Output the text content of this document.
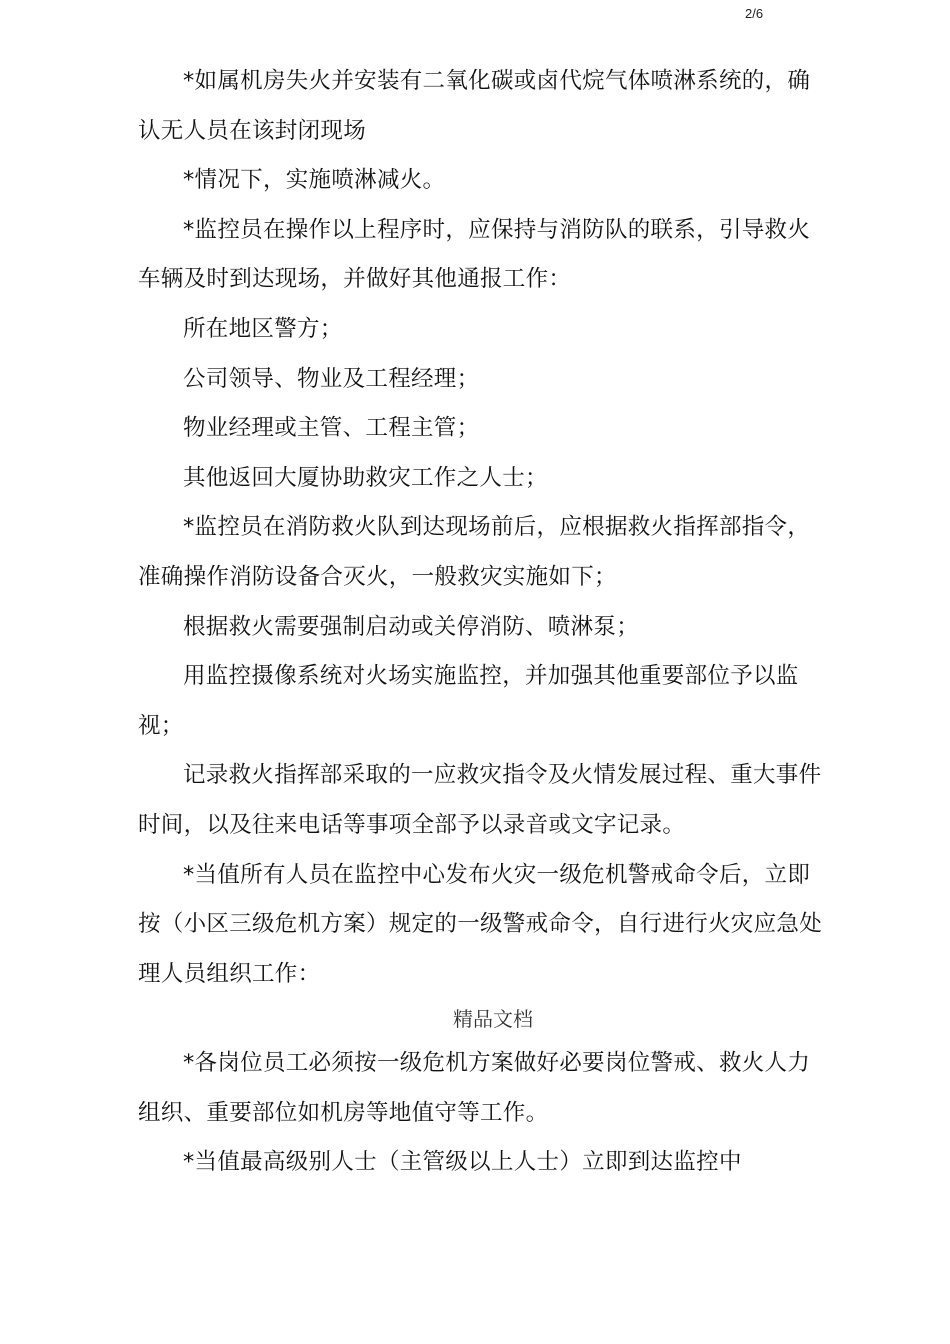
2/6

*如属机房失火并安装有二氧化碳或卤代烷气体喷淋系统的，确认无人员在该封闭现场

*情况下，实施喷淋减火。

*监控员在操作以上程序时，应保持与消防队的联系，引导救火车辆及时到达现场，并做好其他通报工作：

所在地区警方；

公司领导、物业及工程经理；

物业经理或主管、工程主管；

其他返回大厦协助救灾工作之人士；

*监控员在消防救火队到达现场前后，应根据救火指挥部指令，准确操作消防设备合灭火，一般救灾实施如下；

根据救火需要强制启动或关停消防、喷淋泵；

用监控摄像系统对火场实施监控，并加强其他重要部位予以监视；

记录救火指挥部采取的一应救灾指令及火情发展过程、重大事件时间，以及往来电话等事项全部予以录音或文字记录。

*当值所有人员在监控中心发布火灾一级危机警戒命令后，立即按（小区三级危机方案）规定的一级警戒命令，自行进行火灾应急处理人员组织工作：

精品文档

*各岗位员工必须按一级危机方案做好必要岗位警戒、救火人力组织、重要部位如机房等地值守等工作。

*当值最高级别人士（主管级以上人士）立即到达监控中
